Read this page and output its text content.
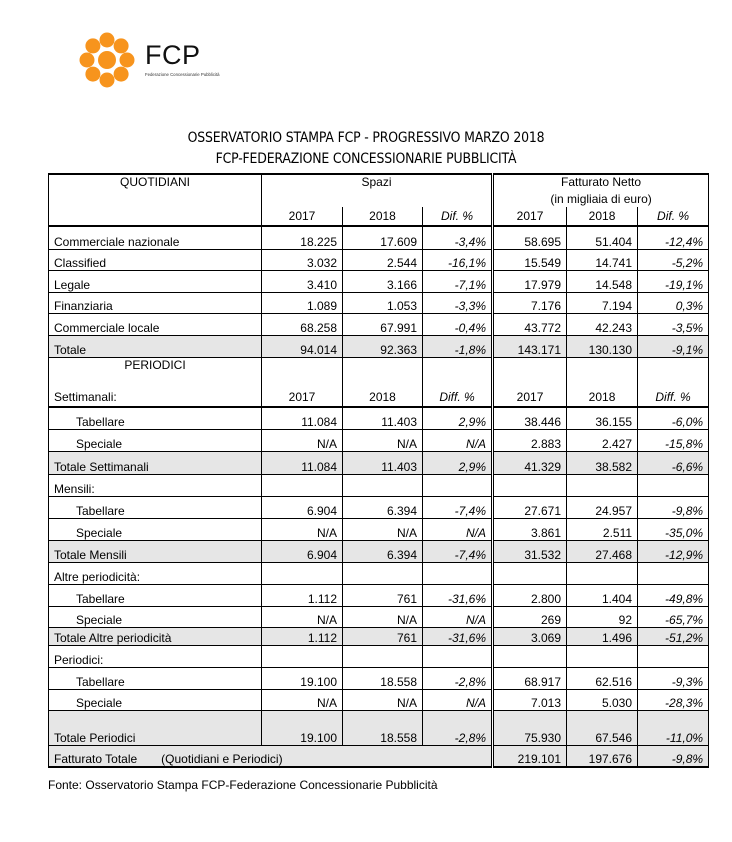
FCP
Federazione Concessionarie Pubblicità
OSSERVATORIO STAMPA FCP - PROGRESSIVO MARZO 2018
FCP-FEDERAZIONE CONCESSIONARIE PUBBLICITÀ
QUOTIDIANI	Spazi			Fatturato Netto		
				(in migliaia di euro)		
	2017	2018	Dif. %	2017	2018	Dif. %
Commerciale nazionale	18.225	17.609	-3,4%	58.695	51.404	-12,4%
Classified	3.032	2.544	-16,1%	15.549	14.741	-5,2%
Legale	3.410	3.166	-7,1%	17.979	14.548	-19,1%
Finanziaria	1.089	1.053	-3,3%	7.176	7.194	0,3%
Commerciale locale	68.258	67.991	-0,4%	43.772	42.243	-3,5%
Totale	94.014	92.363	-1,8%	143.171	130.130	-9,1%
PERIODICI						
Settimanali:	2017	2018	Diff. %	2017	2018	Diff. %
Tabellare	11.084	11.403	2,9%	38.446	36.155	-6,0%
Speciale	N/A	N/A	N/A	2.883	2.427	-15,8%
Totale Settimanali	11.084	11.403	2,9%	41.329	38.582	-6,6%
Mensili:						
Tabellare	6.904	6.394	-7,4%	27.671	24.957	-9,8%
Speciale	N/A	N/A	N/A	3.861	2.511	-35,0%
Totale Mensili	6.904	6.394	-7,4%	31.532	27.468	-12,9%
Altre periodicità:						
Tabellare	1.112	761	-31,6%	2.800	1.404	-49,8%
Speciale	N/A	N/A	N/A	269	92	-65,7%
Totale Altre periodicità	1.112	761	-31,6%	3.069	1.496	-51,2%
Periodici:						
Tabellare	19.100	18.558	-2,8%	68.917	62.516	-9,3%
Speciale	N/A	N/A	N/A	7.013	5.030	-28,3%
Totale Periodici	19.100	18.558	-2,8%	75.930	67.546	-11,0%
Fatturato Totale (Quotidiani e Periodici)				219.101	197.676	-9,8%
Fonte: Osservatorio Stampa FCP-Federazione Concessionarie Pubblicità
